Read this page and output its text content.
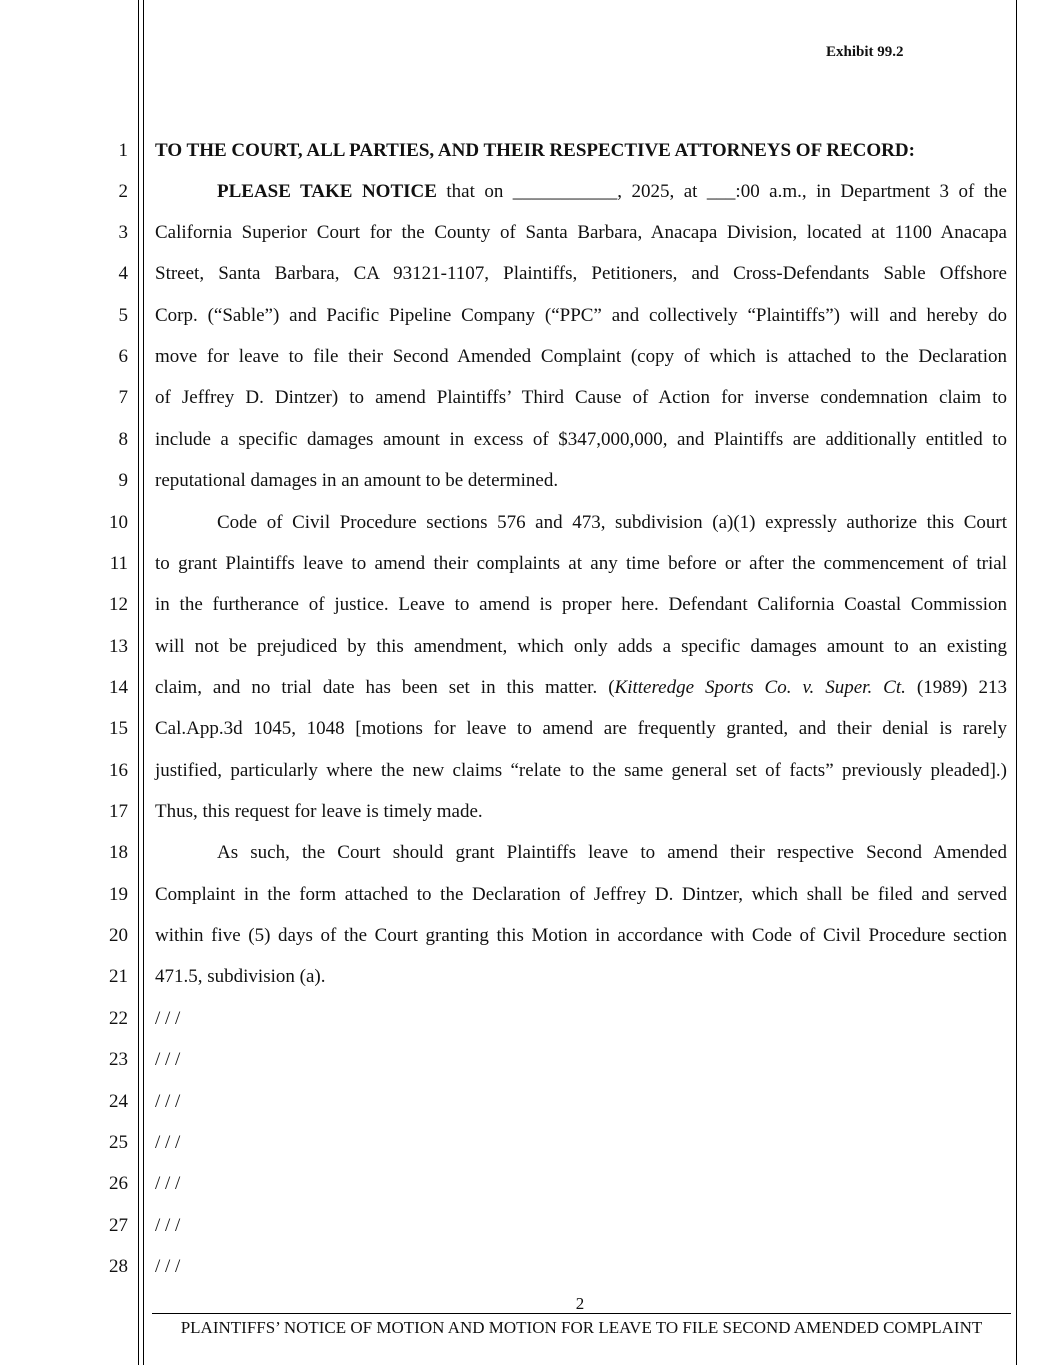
Exhibit 99.2
1
2
3
4
5
6
7
8
9
10
11
12
13
14
15
16
17
18
19
20
21
22
23
24
25
26
27
28
TO THE COURT, ALL PARTIES, AND THEIR RESPECTIVE ATTORNEYS OF RECORD:
PLEASE TAKE NOTICE that on ___________, 2025, at ___:00 a.m., in Department 3 of the
California Superior Court for the County of Santa Barbara, Anacapa Division, located at 1100 Anacapa
Street, Santa Barbara, CA 93121-1107, Plaintiffs, Petitioners, and Cross-Defendants Sable Offshore
Corp. (“Sable”) and Pacific Pipeline Company (“PPC” and collectively “Plaintiffs”) will and hereby do
move for leave to file their Second Amended Complaint (copy of which is attached to the Declaration
of Jeffrey D. Dintzer) to amend Plaintiffs’ Third Cause of Action for inverse condemnation claim to
include a specific damages amount in excess of $347,000,000, and Plaintiffs are additionally entitled to
reputational damages in an amount to be determined.
Code of Civil Procedure sections 576 and 473, subdivision (a)(1) expressly authorize this Court
to grant Plaintiffs leave to amend their complaints at any time before or after the commencement of trial
in the furtherance of justice. Leave to amend is proper here. Defendant California Coastal Commission
will not be prejudiced by this amendment, which only adds a specific damages amount to an existing
claim, and no trial date has been set in this matter. (Kitteredge Sports Co. v. Super. Ct. (1989) 213
Cal.App.3d 1045, 1048 [motions for leave to amend are frequently granted, and their denial is rarely
justified, particularly where the new claims “relate to the same general set of facts” previously pleaded].)
Thus, this request for leave is timely made.
As such, the Court should grant Plaintiffs leave to amend their respective Second Amended
Complaint in the form attached to the Declaration of Jeffrey D. Dintzer, which shall be filed and served
within five (5) days of the Court granting this Motion in accordance with Code of Civil Procedure section
471.5, subdivision (a).
/ / /
/ / /
/ / /
/ / /
/ / /
/ / /
/ / /
2
PLAINTIFFS’ NOTICE OF MOTION AND MOTION FOR LEAVE TO FILE SECOND AMENDED COMPLAINT
